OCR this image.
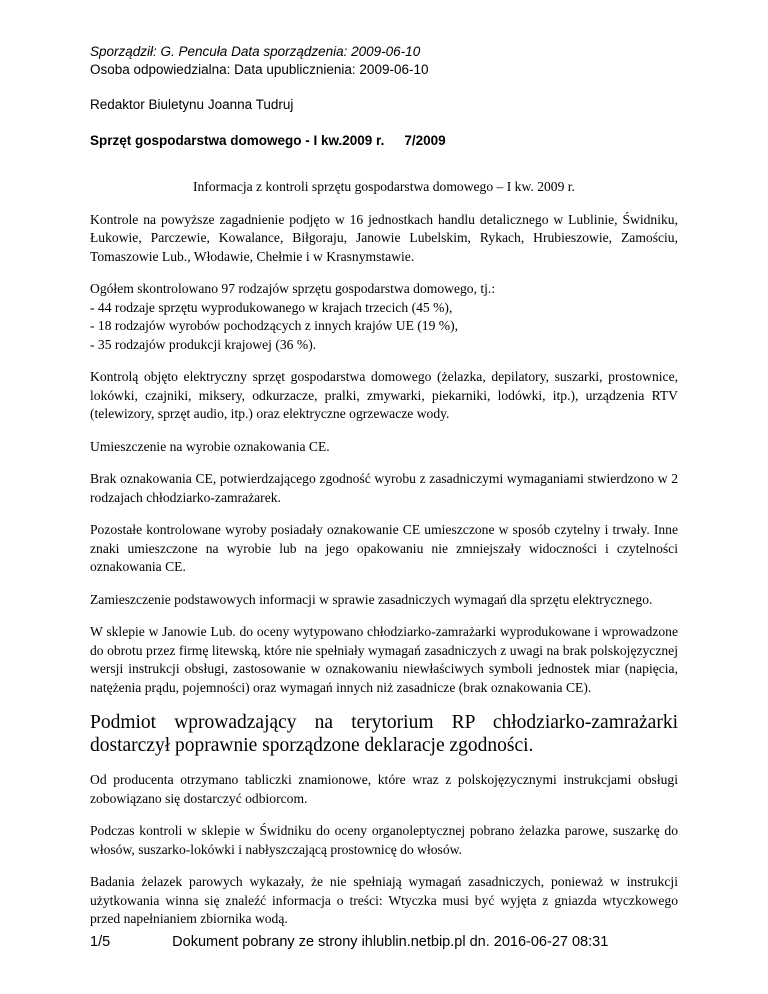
Sporządził: G. Pencuła Data sporządzenia: 2009-06-10
Osoba odpowiedzialna: Data upublicznienia: 2009-06-10
Redaktor Biuletynu Joanna Tudruj
Sprzęt gospodarstwa domowego - I kw.2009 r. 7/2009

Informacja z kontroli sprzętu gospodarstwa domowego – I kw. 2009 r.

Kontrole na powyższe zagadnienie podjęto w 16 jednostkach handlu detalicznego w Lublinie, Świdniku, Łukowie, Parczewie, Kowalance, Biłgoraju, Janowie Lubelskim, Rykach, Hrubieszowie, Zamościu, Tomaszowie Lub., Włodawie, Chełmie i w Krasnymstawie.

Ogółem skontrolowano 97 rodzajów sprzętu gospodarstwa domowego, tj.:
- 44 rodzaje sprzętu wyprodukowanego w krajach trzecich (45 %),
- 18 rodzajów wyrobów pochodzących z innych krajów UE (19 %),
- 35 rodzajów produkcji krajowej (36 %).

Kontrolą objęto elektryczny sprzęt gospodarstwa domowego (żelazka, depilatory, suszarki, prostownice, lokówki, czajniki, miksery, odkurzacze, pralki, zmywarki, piekarniki, lodówki, itp.), urządzenia RTV (telewizory, sprzęt audio, itp.) oraz elektryczne ogrzewacze wody.

Umieszczenie na wyrobie oznakowania CE.

Brak oznakowania CE, potwierdzającego zgodność wyrobu z zasadniczymi wymaganiami stwierdzono w 2 rodzajach chłodziarko-zamrażarek.

Pozostałe kontrolowane wyroby posiadały oznakowanie CE umieszczone w sposób czytelny i trwały. Inne znaki umieszczone na wyrobie lub na jego opakowaniu nie zmniejszały widoczności i czytelności oznakowania CE.

Zamieszczenie podstawowych informacji w sprawie zasadniczych wymagań dla sprzętu elektrycznego.

W sklepie w Janowie Lub. do oceny wytypowano chłodziarko-zamrażarki wyprodukowane i wprowadzone do obrotu przez firmę litewską, które nie spełniały wymagań zasadniczych z uwagi na brak polskojęzycznej wersji instrukcji obsługi, zastosowanie w oznakowaniu niewłaściwych symboli jednostek miar (napięcia, natężenia prądu, pojemności) oraz wymagań innych niż zasadnicze (brak oznakowania CE).

Podmiot wprowadzający na terytorium RP chłodziarko-zamrażarki dostarczył poprawnie sporządzone deklaracje zgodności.

Od producenta otrzymano tabliczki znamionowe, które wraz z polskojęzycznymi instrukcjami obsługi zobowiązano się dostarczyć odbiorcom.

Podczas kontroli w sklepie w Świdniku do oceny organoleptycznej pobrano żelazka parowe, suszarkę do włosów, suszarko-lokówki i nabłyszczającą prostownicę do włosów.

Badania żelazek parowych wykazały, że nie spełniają wymagań zasadniczych, ponieważ w instrukcji użytkowania winna się znaleźć informacja o treści: Wtyczka musi być wyjęta z gniazda wtyczkowego przed napełnianiem zbiornika wodą.

1/5	Dokument pobrany ze strony ihlublin.netbip.pl dn. 2016-06-27 08:31
